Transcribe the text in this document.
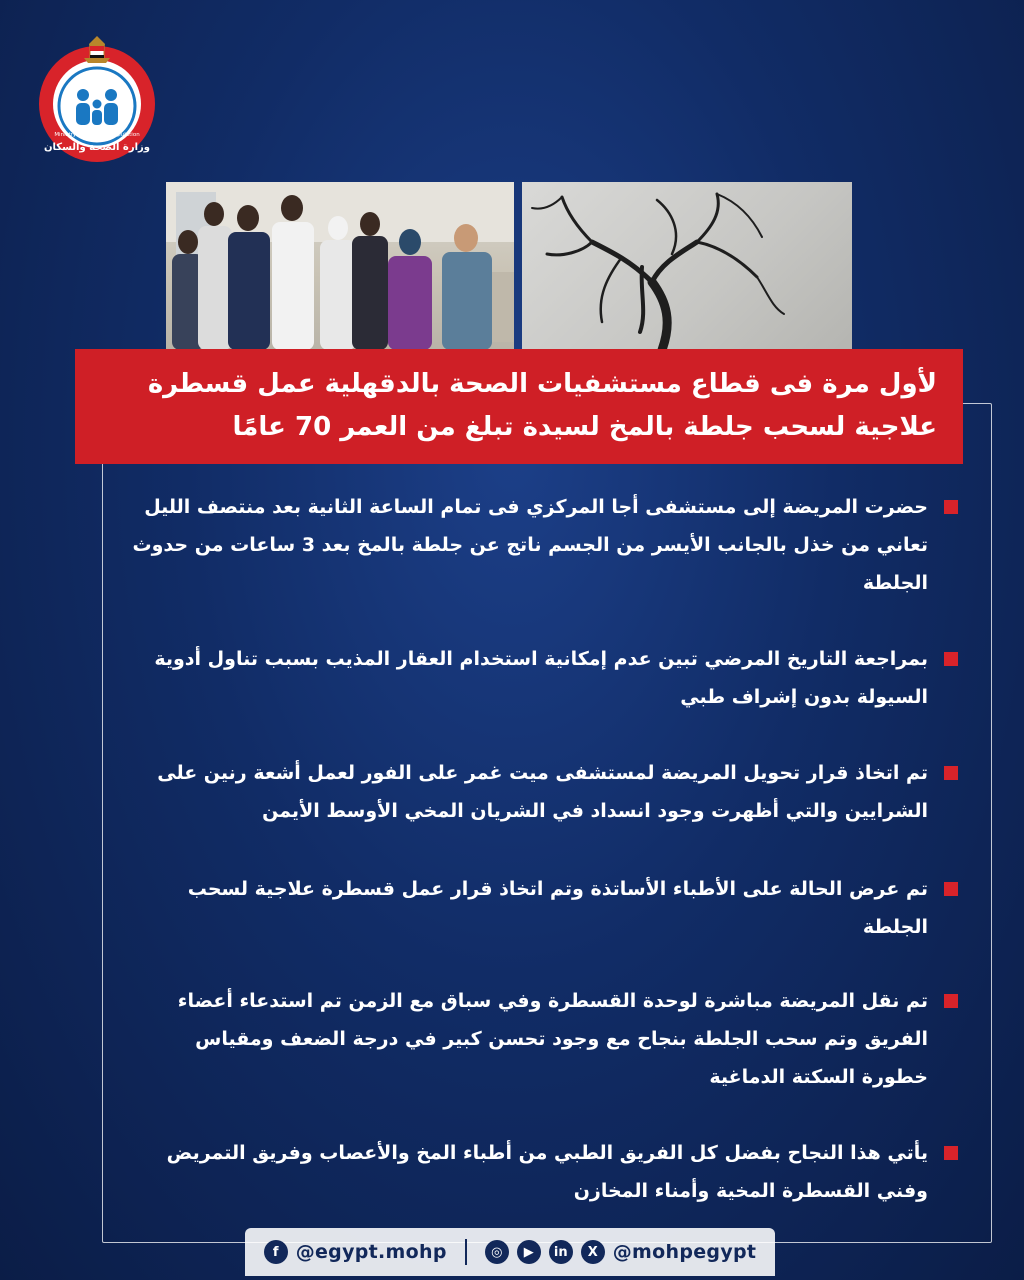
وزارة الصحة والسكان
Ministry of Health & Population
لأول مرة فى قطاع مستشفيات الصحة بالدقهلية عمل قسطرة
علاجية لسحب جلطة بالمخ لسيدة تبلغ من العمر 70 عامًا
حضرت المريضة إلى مستشفى أجا المركزي فى تمام الساعة الثانية بعد منتصف الليل
تعاني من خذل بالجانب الأيسر من الجسم ناتج عن جلطة بالمخ بعد 3 ساعات من حدوث
الجلطة
بمراجعة التاريخ المرضي تبين عدم إمكانية استخدام العقار المذيب بسبب تناول أدوية
السيولة بدون إشراف طبي
تم اتخاذ قرار تحويل المريضة لمستشفى ميت غمر على الفور لعمل أشعة رنين على
الشرايين والتي أظهرت وجود انسداد في الشريان المخي الأوسط الأيمن
تم عرض الحالة على الأطباء الأساتذة وتم اتخاذ قرار عمل قسطرة علاجية لسحب
الجلطة
تم نقل المريضة مباشرة لوحدة القسطرة وفي سباق مع الزمن تم استدعاء أعضاء
الفريق وتم سحب الجلطة بنجاح مع وجود تحسن كبير في درجة الضعف ومقياس
خطورة السكتة الدماغية
يأتي هذا النجاح بفضل كل الفريق الطبي من أطباء المخ والأعصاب وفريق التمريض
وفني القسطرة المخية وأمناء المخازن
f @egypt.mohp	◎	▶	in	X @mohpegypt
